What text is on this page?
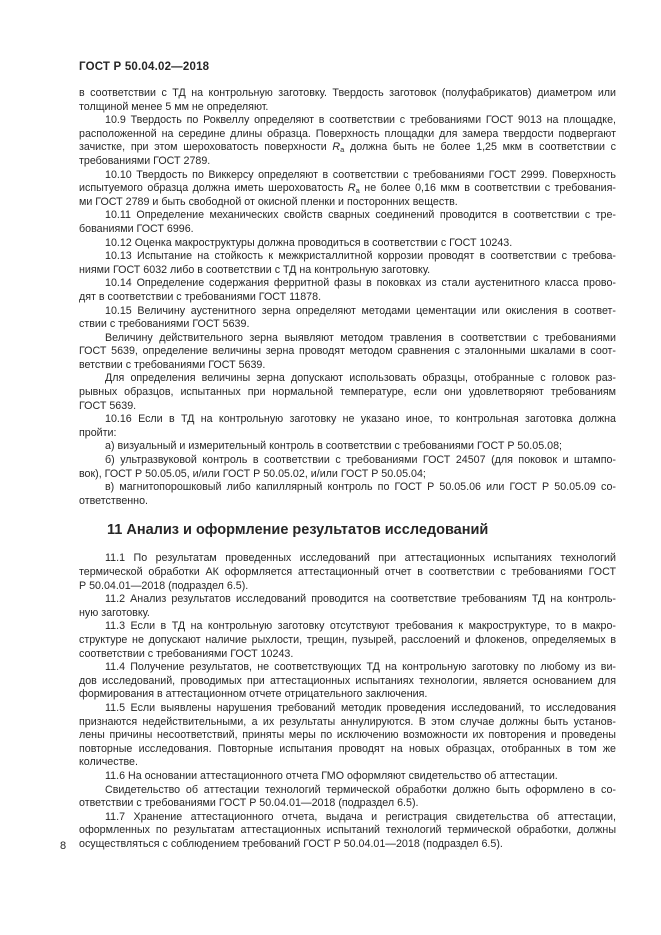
ГОСТ Р 50.04.02—2018
в соответствии с ТД на контрольную заготовку. Твердость заготовок (полуфабрикатов) диаметром или
толщиной менее 5 мм не определяют.
10.9 Твердость по Роквеллу определяют в соответствии с требованиями ГОСТ 9013 на площадке,
расположенной на середине длины образца. Поверхность площадки для замера твердости подвергают
зачистке, при этом шероховатость поверхности $R_a$ должна быть не более 1,25 мкм в соответствии с
требованиями ГОСТ 2789.
10.10 Твердость по Виккерсу определяют в соответствии с требованиями ГОСТ 2999. Поверхность
испытуемого образца должна иметь шероховатость $R_a$ не более 0,16 мкм в соответствии с требования-
ми ГОСТ 2789 и быть свободной от окисной пленки и посторонних веществ.
10.11 Определение механических свойств сварных соединений проводится в соответствии с тре-
бованиями ГОСТ 6996.
10.12 Оценка макроструктуры должна проводиться в соответствии с ГОСТ 10243.
10.13 Испытание на стойкость к межкристаллитной коррозии проводят в соответствии с требова-
ниями ГОСТ 6032 либо в соответствии с ТД на контрольную заготовку.
10.14 Определение содержания ферритной фазы в поковках из стали аустенитного класса прово-
дят в соответствии с требованиями ГОСТ 11878.
10.15 Величину аустенитного зерна определяют методами цементации или окисления в соответ-
ствии с требованиями ГОСТ 5639.
Величину действительного зерна выявляют методом травления в соответствии с требованиями
ГОСТ 5639, определение величины зерна проводят методом сравнения с эталонными шкалами в соот-
ветствии с требованиями ГОСТ 5639.
Для определения величины зерна допускают использовать образцы, отобранные с головок раз-
рывных образцов, испытанных при нормальной температуре, если они удовлетворяют требованиям
ГОСТ 5639.
10.16 Если в ТД на контрольную заготовку не указано иное, то контрольная заготовка должна
пройти:
а) визуальный и измерительный контроль в соответствии с требованиями ГОСТ Р 50.05.08;
б) ультразвуковой контроль в соответствии с требованиями ГОСТ 24507 (для поковок и штампо-
вок), ГОСТ Р 50.05.05, и/или ГОСТ Р 50.05.02, и/или ГОСТ Р 50.05.04;
в) магнитопорошковый либо капиллярный контроль по ГОСТ Р 50.05.06 или ГОСТ Р 50.05.09 со-
ответственно.
11 Анализ и оформление результатов исследований
11.1 По результатам проведенных исследований при аттестационных испытаниях технологий
термической обработки АК оформляется аттестационный отчет в соответствии с требованиями ГОСТ
Р 50.04.01—2018 (подраздел 6.5).
11.2 Анализ результатов исследований проводится на соответствие требованиям ТД на контроль-
ную заготовку.
11.3 Если в ТД на контрольную заготовку отсутствуют требования к макроструктуре, то в макро-
структуре не допускают наличие рыхлости, трещин, пузырей, расслоений и флокенов, определяемых в
соответствии с требованиями ГОСТ 10243.
11.4 Получение результатов, не соответствующих ТД на контрольную заготовку по любому из ви-
дов исследований, проводимых при аттестационных испытаниях технологии, является основанием для
формирования в аттестационном отчете отрицательного заключения.
11.5 Если выявлены нарушения требований методик проведения исследований, то исследования
признаются недействительными, а их результаты аннулируются. В этом случае должны быть установ-
лены причины несоответствий, приняты меры по исключению возможности их повторения и проведены
повторные исследования. Повторные испытания проводят на новых образцах, отобранных в том же
количестве.
11.6 На основании аттестационного отчета ГМО оформляют свидетельство об аттестации.
Свидетельство об аттестации технологий термической обработки должно быть оформлено в со-
ответствии с требованиями ГОСТ Р 50.04.01—2018 (подраздел 6.5).
11.7 Хранение аттестационного отчета, выдача и регистрация свидетельства об аттестации,
оформленных по результатам аттестационных испытаний технологий термической обработки, должны
осуществляться с соблюдением требований ГОСТ Р 50.04.01—2018 (подраздел 6.5).
8
